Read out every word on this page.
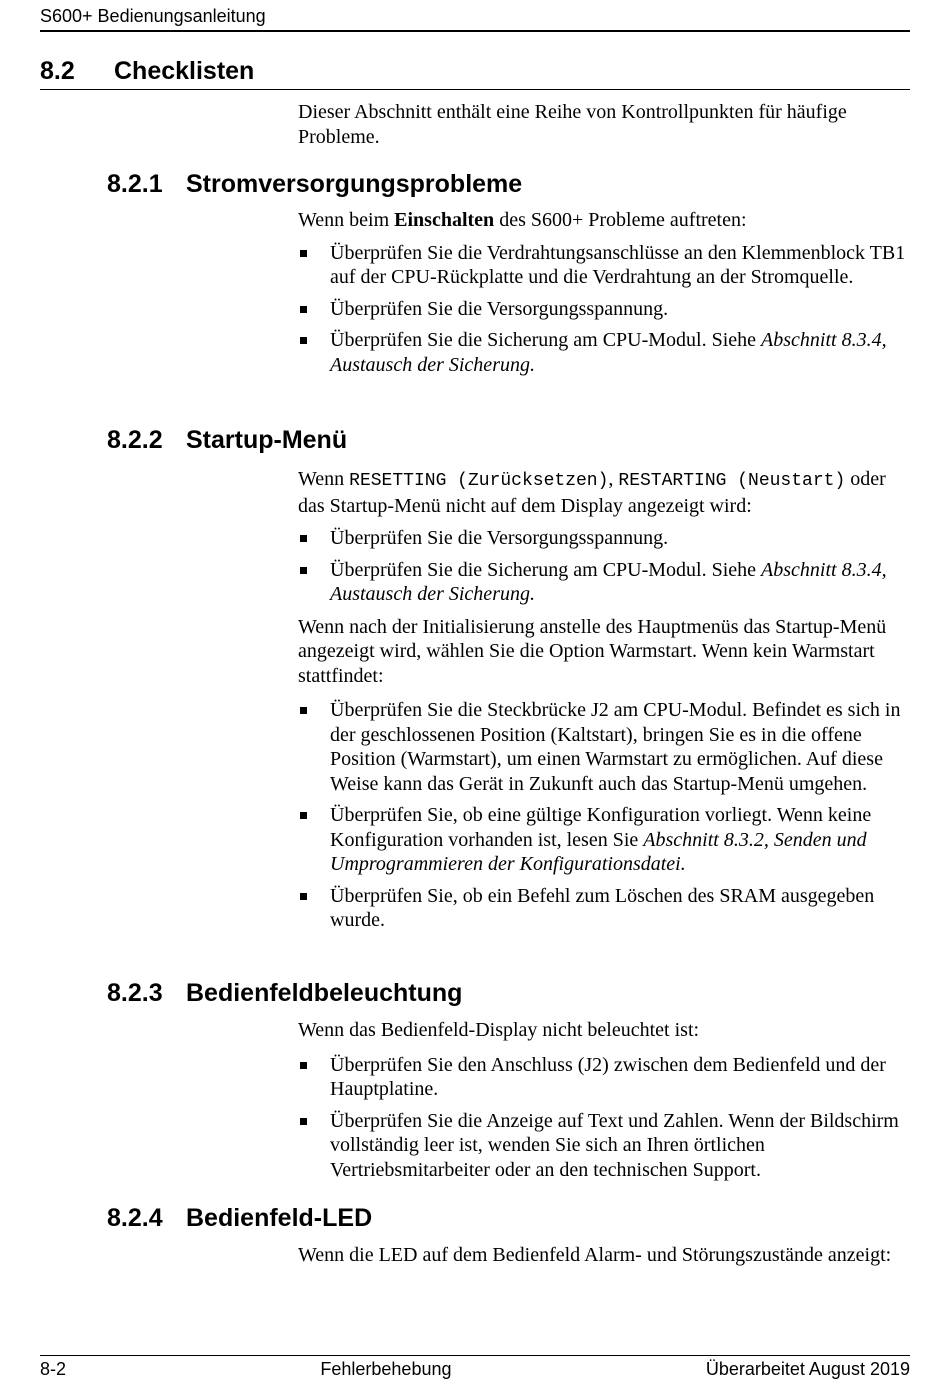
S600+ Bedienungsanleitung
8.2 Checklisten

Dieser Abschnitt enthält eine Reihe von Kontrollpunkten für häufige Probleme.

8.2.1 Stromversorgungsprobleme

Wenn beim Einschalten des S600+ Probleme auftreten:

Überprüfen Sie die Verdrahtungsanschlüsse an den Klemmenblock TB1 auf der CPU-Rückplatte und die Verdrahtung an der Stromquelle.
Überprüfen Sie die Versorgungsspannung.
Überprüfen Sie die Sicherung am CPU-Modul. Siehe Abschnitt 8.3.4, Austausch der Sicherung.
8.2.2 Startup-Menü

Wenn RESETTING (Zurücksetzen), RESTARTING (Neustart) oder das Startup-Menü nicht auf dem Display angezeigt wird:

Überprüfen Sie die Versorgungsspannung.
Überprüfen Sie die Sicherung am CPU-Modul. Siehe Abschnitt 8.3.4, Austausch der Sicherung.

Wenn nach der Initialisierung anstelle des Hauptmenüs das Startup-Menü angezeigt wird, wählen Sie die Option Warmstart. Wenn kein Warmstart stattfindet:

Überprüfen Sie die Steckbrücke J2 am CPU-Modul. Befindet es sich in der geschlossenen Position (Kaltstart), bringen Sie es in die offene Position (Warmstart), um einen Warmstart zu ermöglichen. Auf diese Weise kann das Gerät in Zukunft auch das Startup-Menü umgehen.
Überprüfen Sie, ob eine gültige Konfiguration vorliegt. Wenn keine Konfiguration vorhanden ist, lesen Sie Abschnitt 8.3.2, Senden und Umprogrammieren der Konfigurationsdatei.
Überprüfen Sie, ob ein Befehl zum Löschen des SRAM ausgegeben wurde.
8.2.3 Bedienfeldbeleuchtung

Wenn das Bedienfeld-Display nicht beleuchtet ist:

Überprüfen Sie den Anschluss (J2) zwischen dem Bedienfeld und der Hauptplatine.
Überprüfen Sie die Anzeige auf Text und Zahlen. Wenn der Bildschirm vollständig leer ist, wenden Sie sich an Ihren örtlichen Vertriebsmitarbeiter oder an den technischen Support.
8.2.4 Bedienfeld-LED

Wenn die LED auf dem Bedienfeld Alarm- und Störungszustände anzeigt:

8-2	Fehlerbehebung	Überarbeitet August 2019
